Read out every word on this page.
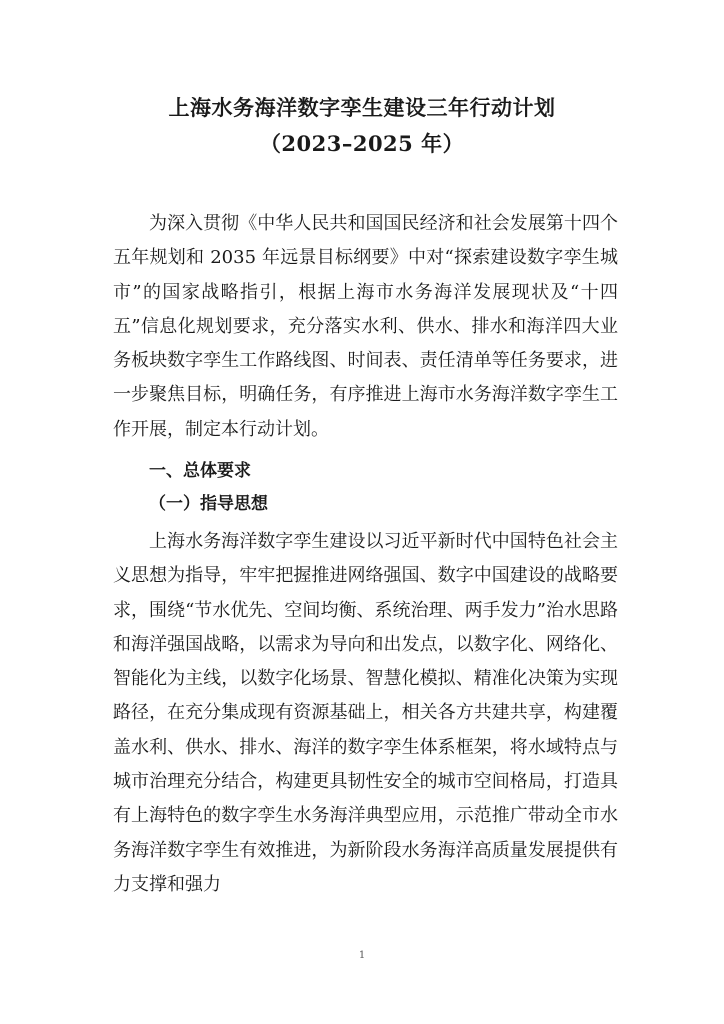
上海水务海洋数字孪生建设三年行动计划
（2023–2025 年）

为深入贯彻《中华人民共和国国民经济和社会发展第十四个五年规划和 2035 年远景目标纲要》中对“探索建设数字孪生城市”的国家战略指引，根据上海市水务海洋发展现状及“十四五”信息化规划要求，充分落实水利、供水、排水和海洋四大业务板块数字孪生工作路线图、时间表、责任清单等任务要求，进一步聚焦目标，明确任务，有序推进上海市水务海洋数字孪生工作开展，制定本行动计划。

一、总体要求
（一）指导思想

上海水务海洋数字孪生建设以习近平新时代中国特色社会主义思想为指导，牢牢把握推进网络强国、数字中国建设的战略要求，围绕“节水优先、空间均衡、系统治理、两手发力”治水思路和海洋强国战略，以需求为导向和出发点，以数字化、网络化、智能化为主线，以数字化场景、智慧化模拟、精准化决策为实现路径，在充分集成现有资源基础上，相关各方共建共享，构建覆盖水利、供水、排水、海洋的数字孪生体系框架，将水域特点与城市治理充分结合，构建更具韧性安全的城市空间格局，打造具有上海特色的数字孪生水务海洋典型应用，示范推广带动全市水务海洋数字孪生有效推进，为新阶段水务海洋高质量发展提供有力支撑和强力

1
